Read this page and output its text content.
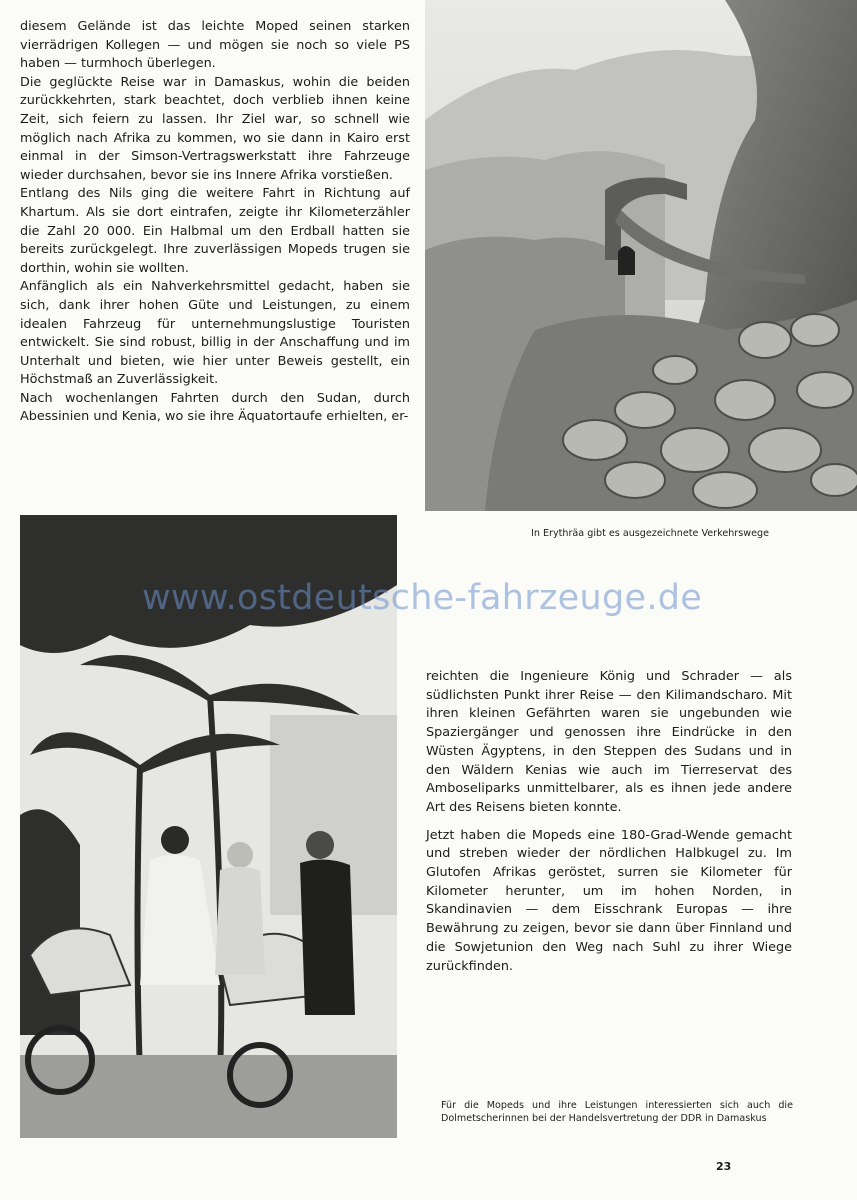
diesem Gelände ist das leichte Moped seinen starken vierrädrigen Kollegen — und mögen sie noch so viele PS haben — turmhoch überlegen.

Die geglückte Reise war in Damaskus, wohin die beiden zurückkehrten, stark beachtet, doch verblieb ihnen keine Zeit, sich feiern zu lassen. Ihr Ziel war, so schnell wie möglich nach Afrika zu kommen, wo sie dann in Kairo erst einmal in der Simson-Vertragswerkstatt ihre Fahrzeuge wieder durchsahen, bevor sie ins Innere Afrika vorstießen.

Entlang des Nils ging die weitere Fahrt in Richtung auf Khartum. Als sie dort eintrafen, zeigte ihr Kilometerzähler die Zahl 20 000. Ein Halbmal um den Erdball hatten sie bereits zurückgelegt. Ihre zuverlässigen Mopeds trugen sie dorthin, wohin sie wollten.

Anfänglich als ein Nahverkehrsmittel gedacht, haben sie sich, dank ihrer hohen Güte und Leistungen, zu einem idealen Fahrzeug für unternehmungslustige Touristen entwickelt. Sie sind robust, billig in der Anschaffung und im Unterhalt und bieten, wie hier unter Beweis gestellt, ein Höchstmaß an Zuverlässigkeit.

Nach wochenlangen Fahrten durch den Sudan, durch Abessinien und Kenia, wo sie ihre Äquatortaufe erhielten, er-

In Erythräa gibt es ausgezeichnete Verkehrswege
www.ostdeutsche-fahrzeuge.de

reichten die Ingenieure König und Schrader — als südlichsten Punkt ihrer Reise — den Kilimandscharo. Mit ihren kleinen Gefährten waren sie ungebunden wie Spaziergänger und genossen ihre Eindrücke in den Wüsten Ägyptens, in den Steppen des Sudans und in den Wäldern Kenias wie auch im Tierreservat des Amboseliparks unmittelbarer, als es ihnen jede andere Art des Reisens bieten konnte.

Jetzt haben die Mopeds eine 180-Grad-Wende gemacht und streben wieder der nördlichen Halbkugel zu. Im Glutofen Afrikas geröstet, surren sie Kilometer für Kilometer herunter, um im hohen Norden, in Skandinavien — dem Eisschrank Europas — ihre Bewährung zu zeigen, bevor sie dann über Finnland und die Sowjetunion den Weg nach Suhl zu ihrer Wiege zurückfinden.

Für die Mopeds und ihre Leistungen interessierten sich auch die Dolmetscherinnen bei der Handelsvertretung der DDR in Damaskus
23
